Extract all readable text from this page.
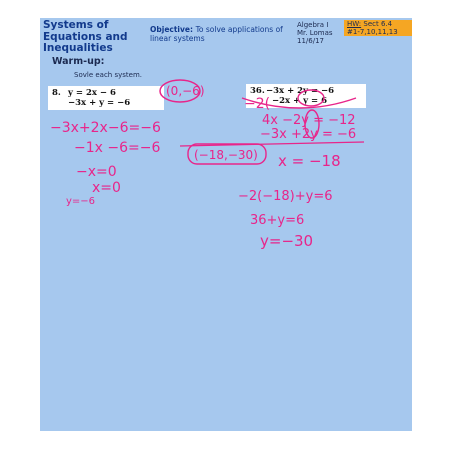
Systems of Equations and Inequalities
Objective: To solve applications of linear systems
Algebra I
Mr. Lomas
11/6/17
HW: Sect 6.4
#1-7,10,11,13
Warm-up:
Sovle each system.
8. y = 2x − 6
−3x + y = −6
36.−3x + 2y = −6
−2x + y = 6
(0,−6)
−3x+2x−6=−6
−1x −6=−6
−x=0
x=0
y=−6
−2(
4x −2y = −12
−3x +2y = −6
(−18,−30) x = −18
−2(−18)+y=6
36+y=6
y=−30
